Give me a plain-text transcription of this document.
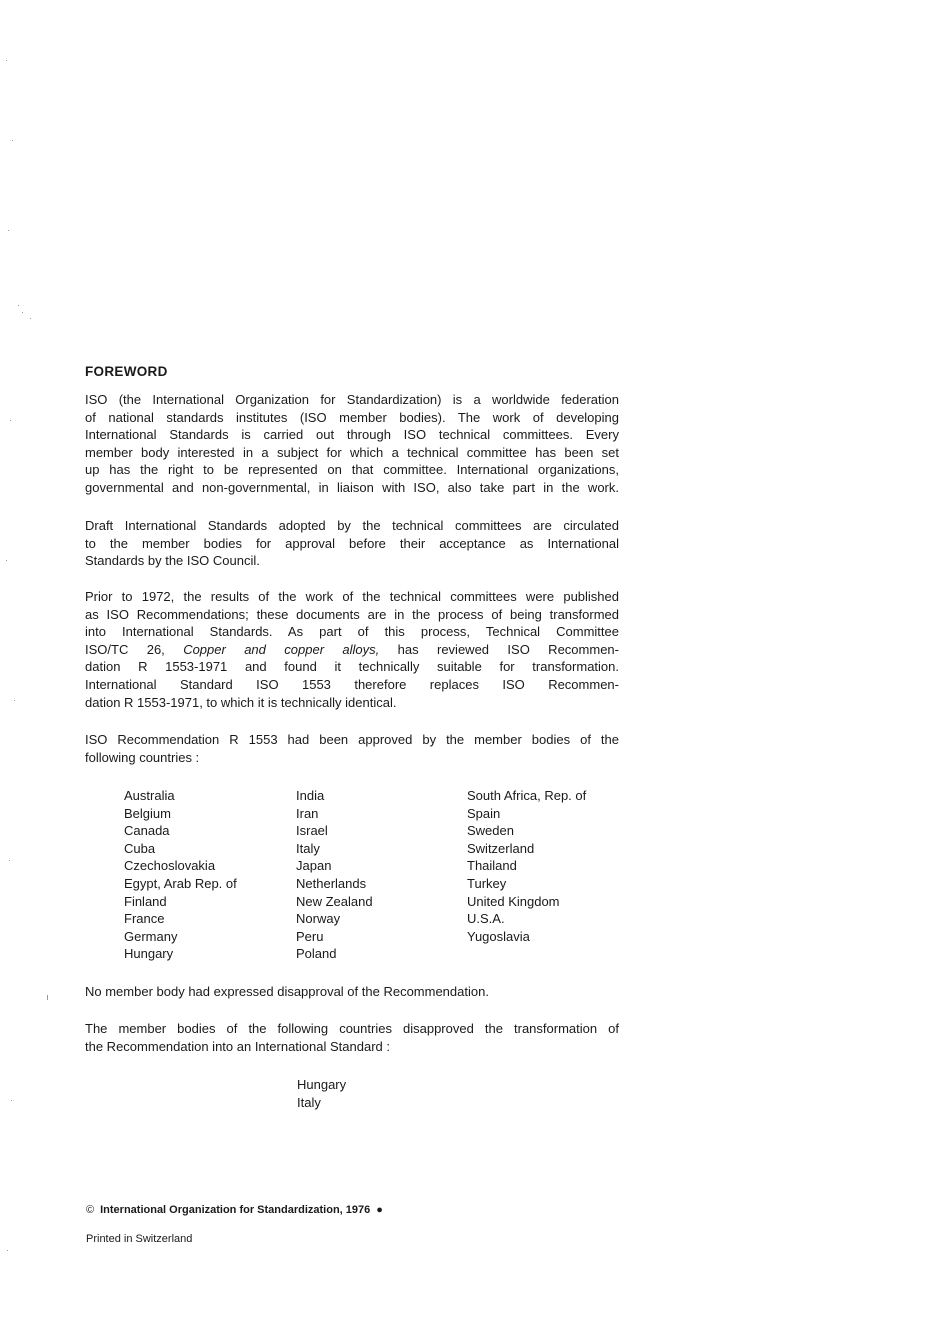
FOREWORD
ISO (the International Organization for Standardization) is a worldwide federation
of national standards institutes (ISO member bodies). The work of developing
International Standards is carried out through ISO technical committees. Every
member body interested in a subject for which a technical committee has been set
up has the right to be represented on that committee. International organizations,
governmental and non-governmental, in liaison with ISO, also take part in the work.
Draft International Standards adopted by the technical committees are circulated
to the member bodies for approval before their acceptance as International
Standards by the ISO Council.
Prior to 1972, the results of the work of the technical committees were published
as ISO Recommendations; these documents are in the process of being transformed
into International Standards. As part of this process, Technical Committee
ISO/TC 26, Copper and copper alloys, has reviewed ISO Recommen-
dation R 1553-1971 and found it technically suitable for transformation.
International Standard ISO 1553 therefore replaces ISO Recommen-
dation R 1553-1971, to which it is technically identical.
ISO Recommendation R 1553 had been approved by the member bodies of the
following countries :
Australia
Belgium
Canada
Cuba
Czechoslovakia
Egypt, Arab Rep. of
Finland
France
Germany
Hungary
India
Iran
Israel
Italy
Japan
Netherlands
New Zealand
Norway
Peru
Poland
South Africa, Rep. of
Spain
Sweden
Switzerland
Thailand
Turkey
United Kingdom
U.S.A.
Yugoslavia
No member body had expressed disapproval of the Recommendation.
The member bodies of the following countries disapproved the transformation of
the Recommendation into an International Standard :
Hungary
Italy
© International Organization for Standardization, 1976 ●
Printed in Switzerland
